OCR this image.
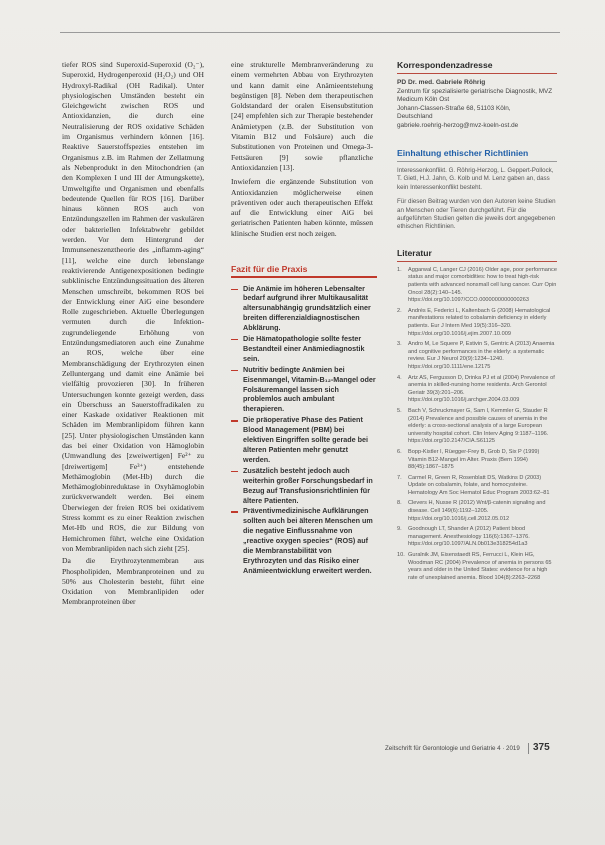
tiefer ROS sind Superoxid-Superoxid (O₂⁻), Superoxid, Hydrogenperoxid (H₂O₂) und OH Hydroxyl-Radikal (OH Radikal). Unter physiologischen Umständen besteht ein Gleichgewicht zwischen ROS und Antioxidanzien, die durch eine Neutralisierung der ROS oxidative Schäden im Organismus verhindern können [16]. Reaktive Sauerstoffspezies entstehen im Organismus z.B. im Rahmen der Zellatmung als Nebenprodukt in den Mitochondrien (an den Komplexen I und III der Atmungskette), Umweltgifte und Organismen und ebenfalls bedeutende Quellen für ROS [16]. Darüber hinaus können ROS auch von Entzündungszellen im Rahmen der vaskulären oder bakteriellen Infektabwehr gebildet werden. Vor dem Hintergrund der Immunseneszenztheorie des „inflamm-aging“ [11], welche eine durch lebenslange reaktivierende Antigenexpositionen bedingte subklinische Entzündungssituation des älteren Menschen umschreibt, bekommen ROS bei der Entwicklung einer AiG eine besondere Rolle zugeschrieben. Aktuelle Überlegungen vermuten durch die Infektion-zugrundeliegende Erhöhung von Entzündungsmediatoren auch eine Zunahme an ROS, welche über eine Membranschädigung der Erythrozyten einen Zelluntergang und damit eine Anämie bei vielfältig provozieren [30]. In früheren Untersuchungen konnte gezeigt werden, dass ein Überschuss an Sauerstoffradikalen zu einer Kaskade oxidativer Reaktionen mit Schäden im Membranlipidom führen kann [25]. Unter physiologischen Umständen kann das bei einer Oxidation von Hämoglobin (Umwandlung des [zweiwertigen] Fe²⁺ zu [dreiwertigem] Fe³⁺) entstehende Methämoglobin (Met-Hb) durch die Methämoglobinreduktase in Oxyhämoglobin zurückverwandelt werden. Bei einem Überwiegen der freien ROS bei oxidativem Stress kommt es zu einer Reaktion zwischen Met-Hb und ROS, die zur Bildung von Hemichromen führt, welche eine Oxidation von Membranlipiden nach sich zieht [25].

Da die Erythrozytenmembran aus Phospholipiden, Membranproteinen und zu 50% aus Cholesterin besteht, führt eine Oxidation von Membranlipiden oder Membranproteinen über

eine strukturelle Membranveränderung zu einem vermehrten Abbau von Erythrozyten und kann damit eine Anämieentstehung begünstigen [8]. Neben dem therapeutischen Goldstandard der oralen Eisensubstitution [24] empfehlen sich zur Therapie bestehender Anämietypen (z.B. der Substitution von Vitamin B12 und Folsäure) auch die Substitutionen von Proteinen und Omega-3-Fettsäuren [9] sowie pflanzliche Antioxidanzien [13].

Inwiefern die ergänzende Substitution von Antioxidanzien möglicherweise einen präventiven oder auch therapeutischen Effekt auf die Entwicklung einer AiG bei geriatrischen Patienten haben könnte, müssen klinische Studien erst noch zeigen.

Fazit für die Praxis
Die Anämie im höheren Lebensalter bedarf aufgrund ihrer Multikausalität altersunabhängig grundsätzlich einer breiten differenzialdiagnostischen Abklärung.
Die Hämatopathologie sollte fester Bestandteil einer Anämiediagnostik sein.
Nutritiv bedingte Anämien bei Eisenmangel, Vitamin-B₁₂-Mangel oder Folsäuremangel lassen sich problemlos auch ambulant therapieren.
Die präoperative Phase des Patient Blood Management (PBM) bei elektiven Eingriffen sollte gerade bei älteren Patienten mehr genutzt werden.
Zusätzlich besteht jedoch auch weiterhin großer Forschungsbedarf in Bezug auf Transfusionsrichtlinien für ältere Patienten.
Präventivmedizinische Aufklärungen sollten auch bei älteren Menschen um die negative Einflussnahme von „reactive oxygen species“ (ROS) auf die Membranstabilität von Erythrozyten und das Risiko einer Anämieentwicklung erweitert werden.
Korrespondenzadresse
PD Dr. med. Gabriele Röhrig
Zentrum für spezialisierte geriatrische Diagnostik, MVZ Medicum Köln Ost
Johann-Classen-Straße 68, 51103 Köln,
Deutschland
gabriele.roehrig-herzog@mvz-koeln-ost.de
Einhaltung ethischer Richtlinien

Interessenkonflikt. G. Röhrig-Herzog, L. Geppert-Pollock, T. Gietl, H.J. Jahn, G. Kolb und M. Lenz gaben an, dass kein Interessenkonflikt besteht.

Für diesen Beitrag wurden von den Autoren keine Studien an Menschen oder Tieren durchgeführt. Für die aufgeführten Studien gelten die jeweils dort angegebenen ethischen Richtlinien.

Literatur
1. Aggarwal C, Langer CJ (2016) Older age, poor performance status and major comorbidities: how to treat high-risk patients with advanced nonsmall cell lung cancer. Curr Opin Oncol 28(2):140–145. https://doi.org/10.1097/CCO.0000000000000263
2. Andrès E, Federici L, Kaltenbach G (2008) Hematological manifestations related to cobalamin deficiency in elderly patients. Eur J Intern Med 19(5):316–320. https://doi.org/10.1016/j.ejim.2007.10.009
3. Andro M, Le Squere P, Estivin S, Gentric A (2013) Anaemia and cognitive performances in the elderly: a systematic review. Eur J Neurol 20(9):1234–1240. https://doi.org/10.1111/ene.12175
4. Artz AS, Fergusson D, Drinka PJ et al (2004) Prevalence of anemia in skilled-nursing home residents. Arch Gerontol Geriatr 39(3):201–206. https://doi.org/10.1016/j.archger.2004.03.009
5. Bach V, Schruckmayer G, Sam I, Kemmler G, Stauder R (2014) Prevalence and possible causes of anemia in the elderly: a cross-sectional analysis of a large European university hospital cohort. Clin Interv Aging 9:1187–1196. https://doi.org/10.2147/CIA.S61125
6. Bopp-Kistler I, Rüegger-Frey B, Grob D, Six P (1999) Vitamin B12-Mangel im Alter. Praxis (Bern 1994) 88(45):1867–1875
7. Carmel R, Green R, Rosenblatt DS, Watkins D (2003) Update on cobalamin, folate, and homocysteine. Hematology Am Soc Hematol Educ Program 2003:62–81
8. Clevers H, Nusse R (2012) Wnt/β-catenin signaling and disease. Cell 149(6):1192–1205. https://doi.org/10.1016/j.cell.2012.05.012
9. Goodnough LT, Shander A (2012) Patient blood management. Anesthesiology 116(6):1367–1376. https://doi.org/10.1097/ALN.0b013e318254d1a3
10. Guralnik JM, Eisenstaedt RS, Ferrucci L, Klein HG, Woodman RC (2004) Prevalence of anemia in persons 65 years and older in the United States: evidence for a high rate of unexplained anemia. Blood 104(8):2263–2268
Zeitschrift für Gerontologie und Geriatrie 4 · 2019 375
